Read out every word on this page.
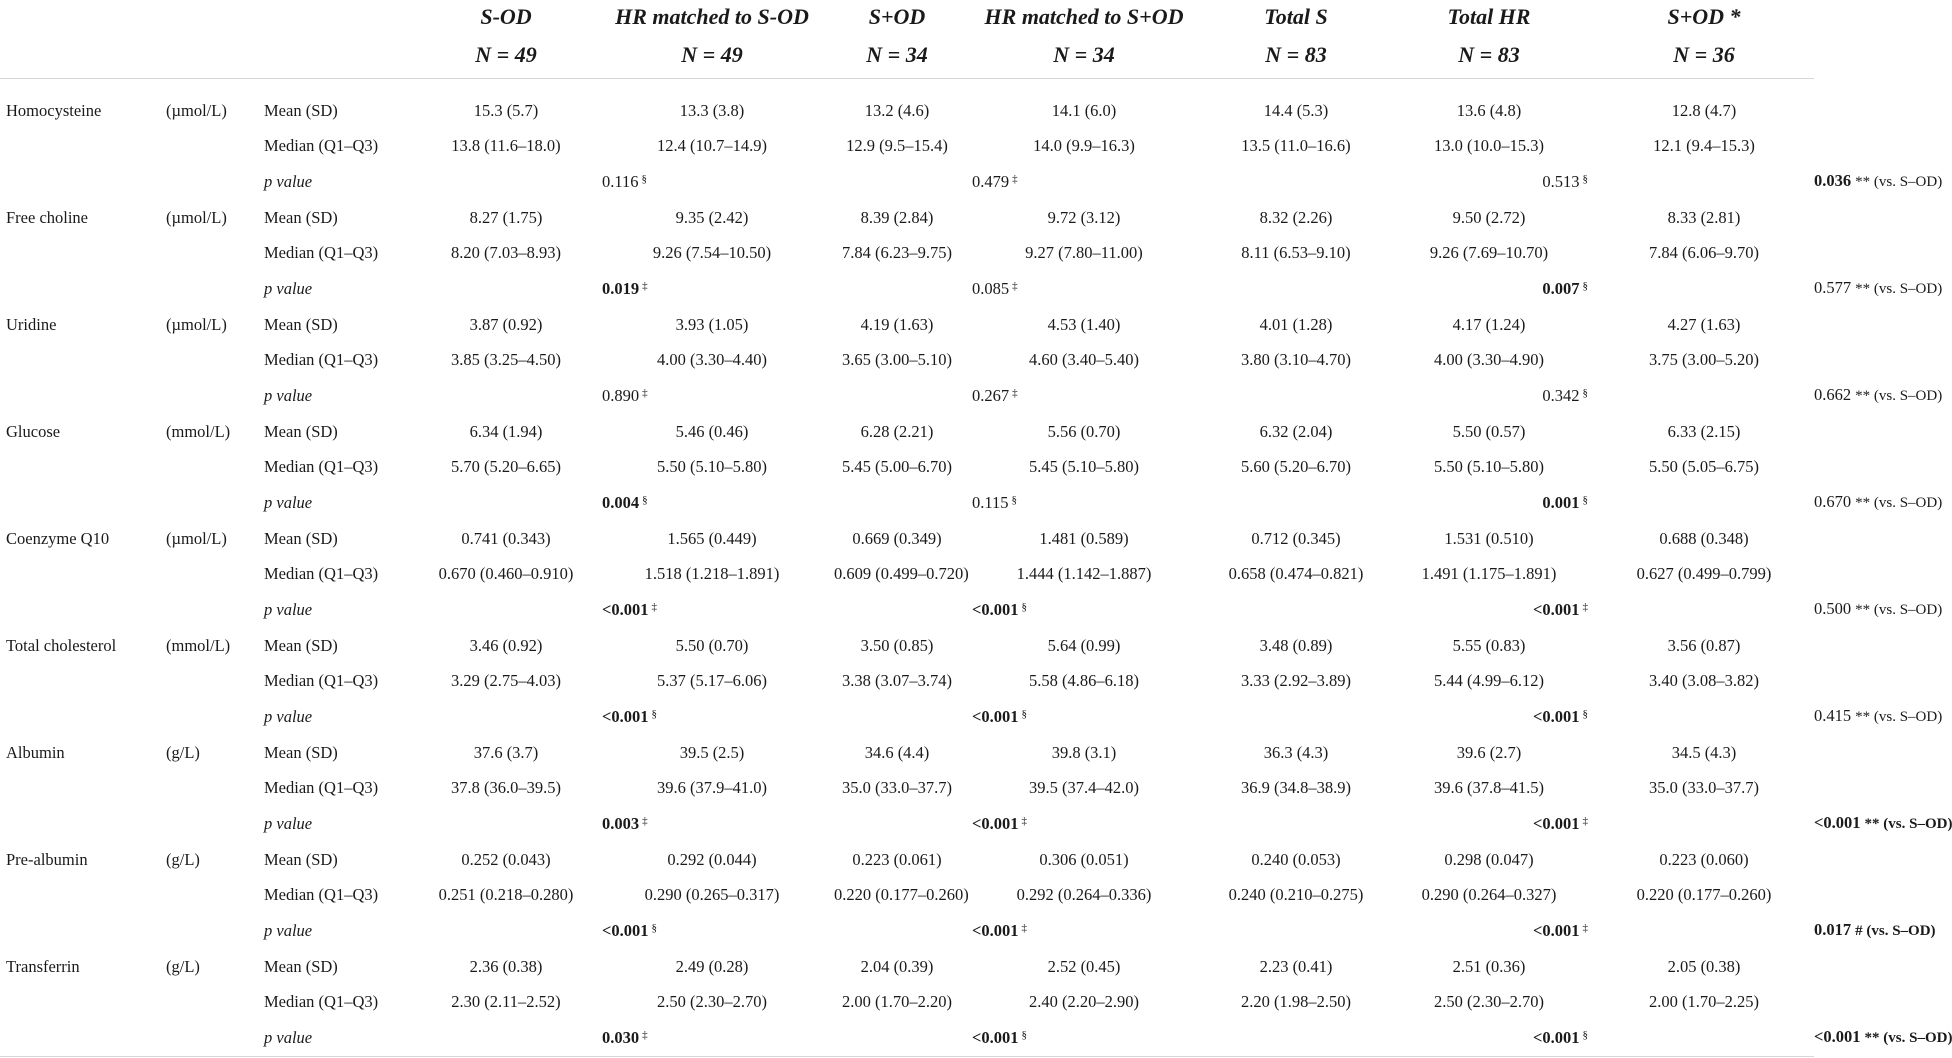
			S-OD	HR matched to S-OD	S+OD	HR matched to S+OD	Total S	Total HR	S+OD *	
			N = 49	N = 49	N = 34	N = 34	N = 83	N = 83	N = 36	

Homocysteine	(µmol/L)	Mean (SD)	15.3 (5.7)	13.3 (3.8)	13.2 (4.6)	14.1 (6.0)	14.4 (5.3)	13.6 (4.8)	12.8 (4.7)	
		Median (Q1–Q3)	13.8 (11.6–18.0)	12.4 (10.7–14.9)	12.9 (9.5–15.4)	14.0 (9.9–16.3)	13.5 (11.0–16.6)	13.0 (10.0–15.3)	12.1 (9.4–15.3)	
		p value		0.116 §		0.479 ‡		0.513 §		0.036 ** (vs. S–OD)
Free choline	(µmol/L)	Mean (SD)	8.27 (1.75)	9.35 (2.42)	8.39 (2.84)	9.72 (3.12)	8.32 (2.26)	9.50 (2.72)	8.33 (2.81)	
		Median (Q1–Q3)	8.20 (7.03–8.93)	9.26 (7.54–10.50)	7.84 (6.23–9.75)	9.27 (7.80–11.00)	8.11 (6.53–9.10)	9.26 (7.69–10.70)	7.84 (6.06–9.70)	
		p value		0.019 ‡		0.085 ‡		0.007 §		0.577 ** (vs. S–OD)
Uridine	(µmol/L)	Mean (SD)	3.87 (0.92)	3.93 (1.05)	4.19 (1.63)	4.53 (1.40)	4.01 (1.28)	4.17 (1.24)	4.27 (1.63)	
		Median (Q1–Q3)	3.85 (3.25–4.50)	4.00 (3.30–4.40)	3.65 (3.00–5.10)	4.60 (3.40–5.40)	3.80 (3.10–4.70)	4.00 (3.30–4.90)	3.75 (3.00–5.20)	
		p value		0.890 ‡		0.267 ‡		0.342 §		0.662 ** (vs. S–OD)
Glucose	(mmol/L)	Mean (SD)	6.34 (1.94)	5.46 (0.46)	6.28 (2.21)	5.56 (0.70)	6.32 (2.04)	5.50 (0.57)	6.33 (2.15)	
		Median (Q1–Q3)	5.70 (5.20–6.65)	5.50 (5.10–5.80)	5.45 (5.00–6.70)	5.45 (5.10–5.80)	5.60 (5.20–6.70)	5.50 (5.10–5.80)	5.50 (5.05–6.75)	
		p value		0.004 §		0.115 §		0.001 §		0.670 ** (vs. S–OD)
Coenzyme Q10	(µmol/L)	Mean (SD)	0.741 (0.343)	1.565 (0.449)	0.669 (0.349)	1.481 (0.589)	0.712 (0.345)	1.531 (0.510)	0.688 (0.348)	
		Median (Q1–Q3)	0.670 (0.460–0.910)	1.518 (1.218–1.891)	0.609 (0.499–0.720)	1.444 (1.142–1.887)	0.658 (0.474–0.821)	1.491 (1.175–1.891)	0.627 (0.499–0.799)	
		p value		<0.001 ‡		<0.001 §		<0.001 ‡		0.500 ** (vs. S–OD)
Total cholesterol	(mmol/L)	Mean (SD)	3.46 (0.92)	5.50 (0.70)	3.50 (0.85)	5.64 (0.99)	3.48 (0.89)	5.55 (0.83)	3.56 (0.87)	
		Median (Q1–Q3)	3.29 (2.75–4.03)	5.37 (5.17–6.06)	3.38 (3.07–3.74)	5.58 (4.86–6.18)	3.33 (2.92–3.89)	5.44 (4.99–6.12)	3.40 (3.08–3.82)	
		p value		<0.001 §		<0.001 §		<0.001 §		0.415 ** (vs. S–OD)
Albumin	(g/L)	Mean (SD)	37.6 (3.7)	39.5 (2.5)	34.6 (4.4)	39.8 (3.1)	36.3 (4.3)	39.6 (2.7)	34.5 (4.3)	
		Median (Q1–Q3)	37.8 (36.0–39.5)	39.6 (37.9–41.0)	35.0 (33.0–37.7)	39.5 (37.4–42.0)	36.9 (34.8–38.9)	39.6 (37.8–41.5)	35.0 (33.0–37.7)	
		p value		0.003 ‡		<0.001 ‡		<0.001 ‡		<0.001 ** (vs. S–OD)
Pre-albumin	(g/L)	Mean (SD)	0.252 (0.043)	0.292 (0.044)	0.223 (0.061)	0.306 (0.051)	0.240 (0.053)	0.298 (0.047)	0.223 (0.060)	
		Median (Q1–Q3)	0.251 (0.218–0.280)	0.290 (0.265–0.317)	0.220 (0.177–0.260)	0.292 (0.264–0.336)	0.240 (0.210–0.275)	0.290 (0.264–0.327)	0.220 (0.177–0.260)	
		p value		<0.001 §		<0.001 ‡		<0.001 ‡		0.017 # (vs. S–OD)
Transferrin	(g/L)	Mean (SD)	2.36 (0.38)	2.49 (0.28)	2.04 (0.39)	2.52 (0.45)	2.23 (0.41)	2.51 (0.36)	2.05 (0.38)	
		Median (Q1–Q3)	2.30 (2.11–2.52)	2.50 (2.30–2.70)	2.00 (1.70–2.20)	2.40 (2.20–2.90)	2.20 (1.98–2.50)	2.50 (2.30–2.70)	2.00 (1.70–2.25)	
		p value		0.030 ‡		<0.001 §		<0.001 §		<0.001 ** (vs. S–OD)
